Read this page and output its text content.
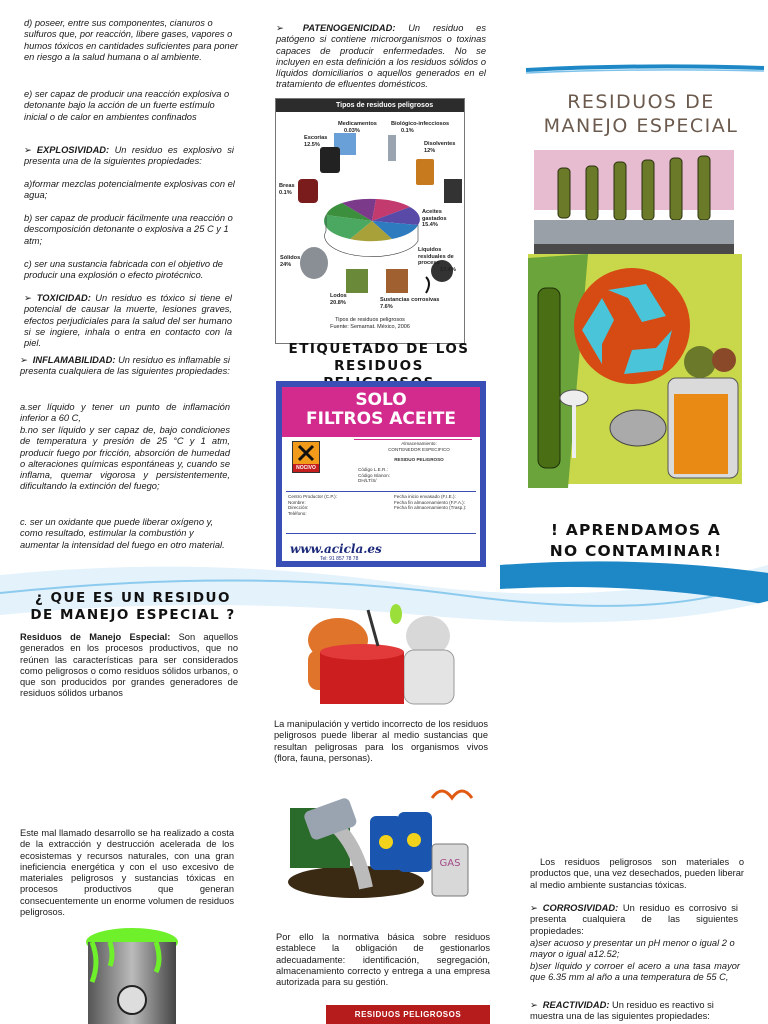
d) poseer, entre sus componentes, cianuros o sulfuros que, por reacción, libere gases, vapores o humos tóxicos en cantidades suficientes para poner en riesgo a la salud humana o al ambiente.
e) ser capaz de producir una reacción explosiva o detonante bajo la acción de un fuerte estímulo inicial o de calor en ambientes confinados
➢ EXPLOSIVIDAD: Un residuo es explosivo si presenta una de la siguientes propiedades:
a)formar mezclas potencialmente explosivas con el agua;
b) ser capaz de producir fácilmente una reacción o descomposición detonante o explosiva a 25 C y 1 atm;
c) ser una sustancia fabricada con el objetivo de producir una explosión o efecto pirotécnico.
➢ TOXICIDAD: Un residuo es tóxico si tiene el potencial de causar la muerte, lesiones graves, efectos perjudiciales para la salud del ser humano si se ingiere, inhala o entra en contacto con la piel.
➢ INFLAMABILIDAD: Un residuo es inflamable si presenta cualquiera de las siguientes propiedades:
a.ser líquido y tener un punto de inflamación inferior a 60 C,
b.no ser líquido y ser capaz de, bajo condiciones de temperatura y presión de 25 °C y 1 atm, producir fuego por fricción, absorción de humedad o alteraciones químicas espontáneas y, cuando se inflama, quemar vigorosa y persistentemente, dificultando la extinción del fuego;
c. ser un oxidante que puede liberar oxígeno y, como resultado, estimular la combustión y aumentar la intensidad del fuego en otro material.
➢ PATENOGENICIDAD: Un residuo es patógeno si contiene microorganismos o toxinas capaces de producir enfermedades. No se incluyen en esta definición a los residuos sólidos o líquidos domiciliarios o aquellos generados en el tratamiento de efluentes domésticos.
Tipos de residuos peligrosos
Medicamentos
0.03%
Biológico-infecciosos
0.1%
Escorias
12.5%	Disolventes
12%
Breas
0.1%
Aceites gastados
15.4%
Sólidos
24%
Líquidos residuales de proceso
17.4%
Lodos
20.8%	Sustancias corrosivas
7.6%
Tipos de residuos peligrosos
Fuente: Semarnat. México, 2006
ETIQUETADO DE LOS
RESIDUOS
SOLO
FILTROS ACEITE
NOCIVO
Almacenamiento:
CONTENEDOR ESPECIFICO
RESIDUO PELIGROSO
Código L.E.R.:
Código Islanon:
DH/LT/S/
Centro Productor (C.P.):
Nombre:
Dirección:
Teléfono:
Fecha inicio envasado (F.I.E.):
Fecha fin almacenamiento (F.F.A.):
Fecha fin almacenamiento (Trasp.):
www.acicla.es
Tel: 91 857 78 78
RESIDUOS DE
MANEJO ESPECIAL
! APRENDAMOS A
NO CONTAMINAR!
¿ QUE ES UN RESIDUO
DE MANEJO ESPECIAL ?
Residuos de Manejo Especial: Son aquellos generados en los procesos productivos, que no reúnen las características para ser considerados como peligrosos o como residuos sólidos urbanos, o que son producidos por grandes generadores de residuos sólidos urbanos
Este mal llamado desarrollo se ha realizado a costa de la extracción y destrucción acelerada de los ecosistemas y recursos naturales, con una gran ineficiencia energética y con el uso excesivo de materiales peligrosos y sustancias tóxicas en procesos productivos que generan consecuentemente un enorme volumen de residuos peligrosos.
La manipulación y vertido incorrecto de los residuos peligrosos puede liberar al medio sustancias que resultan peligrosas para los organismos vivos (flora, fauna, personas).
GAS
Por ello la normativa básica sobre residuos establece la obligación de gestionarlos adecuadamente: identificación, segregación, almacenamiento correcto y entrega a una empresa autorizada para su gestión.
RESIDUOS PELIGROSOS
Los residuos peligrosos son materiales o productos que, una vez desechados, pueden liberar al medio ambiente sustancias tóxicas.
➢ CORROSIVIDAD: Un residuo es corrosivo si presenta cualquiera de las siguientes propiedades:
a)ser acuoso y presentar un pH menor o igual 2 o mayor o igual a12.52;
b)ser líquido y corroer el acero a una tasa mayor que 6.35 mm al año a una temperatura de 55 C,
➢ REACTIVIDAD: Un residuo es reactivo si muestra una de las siguientes propiedades:
